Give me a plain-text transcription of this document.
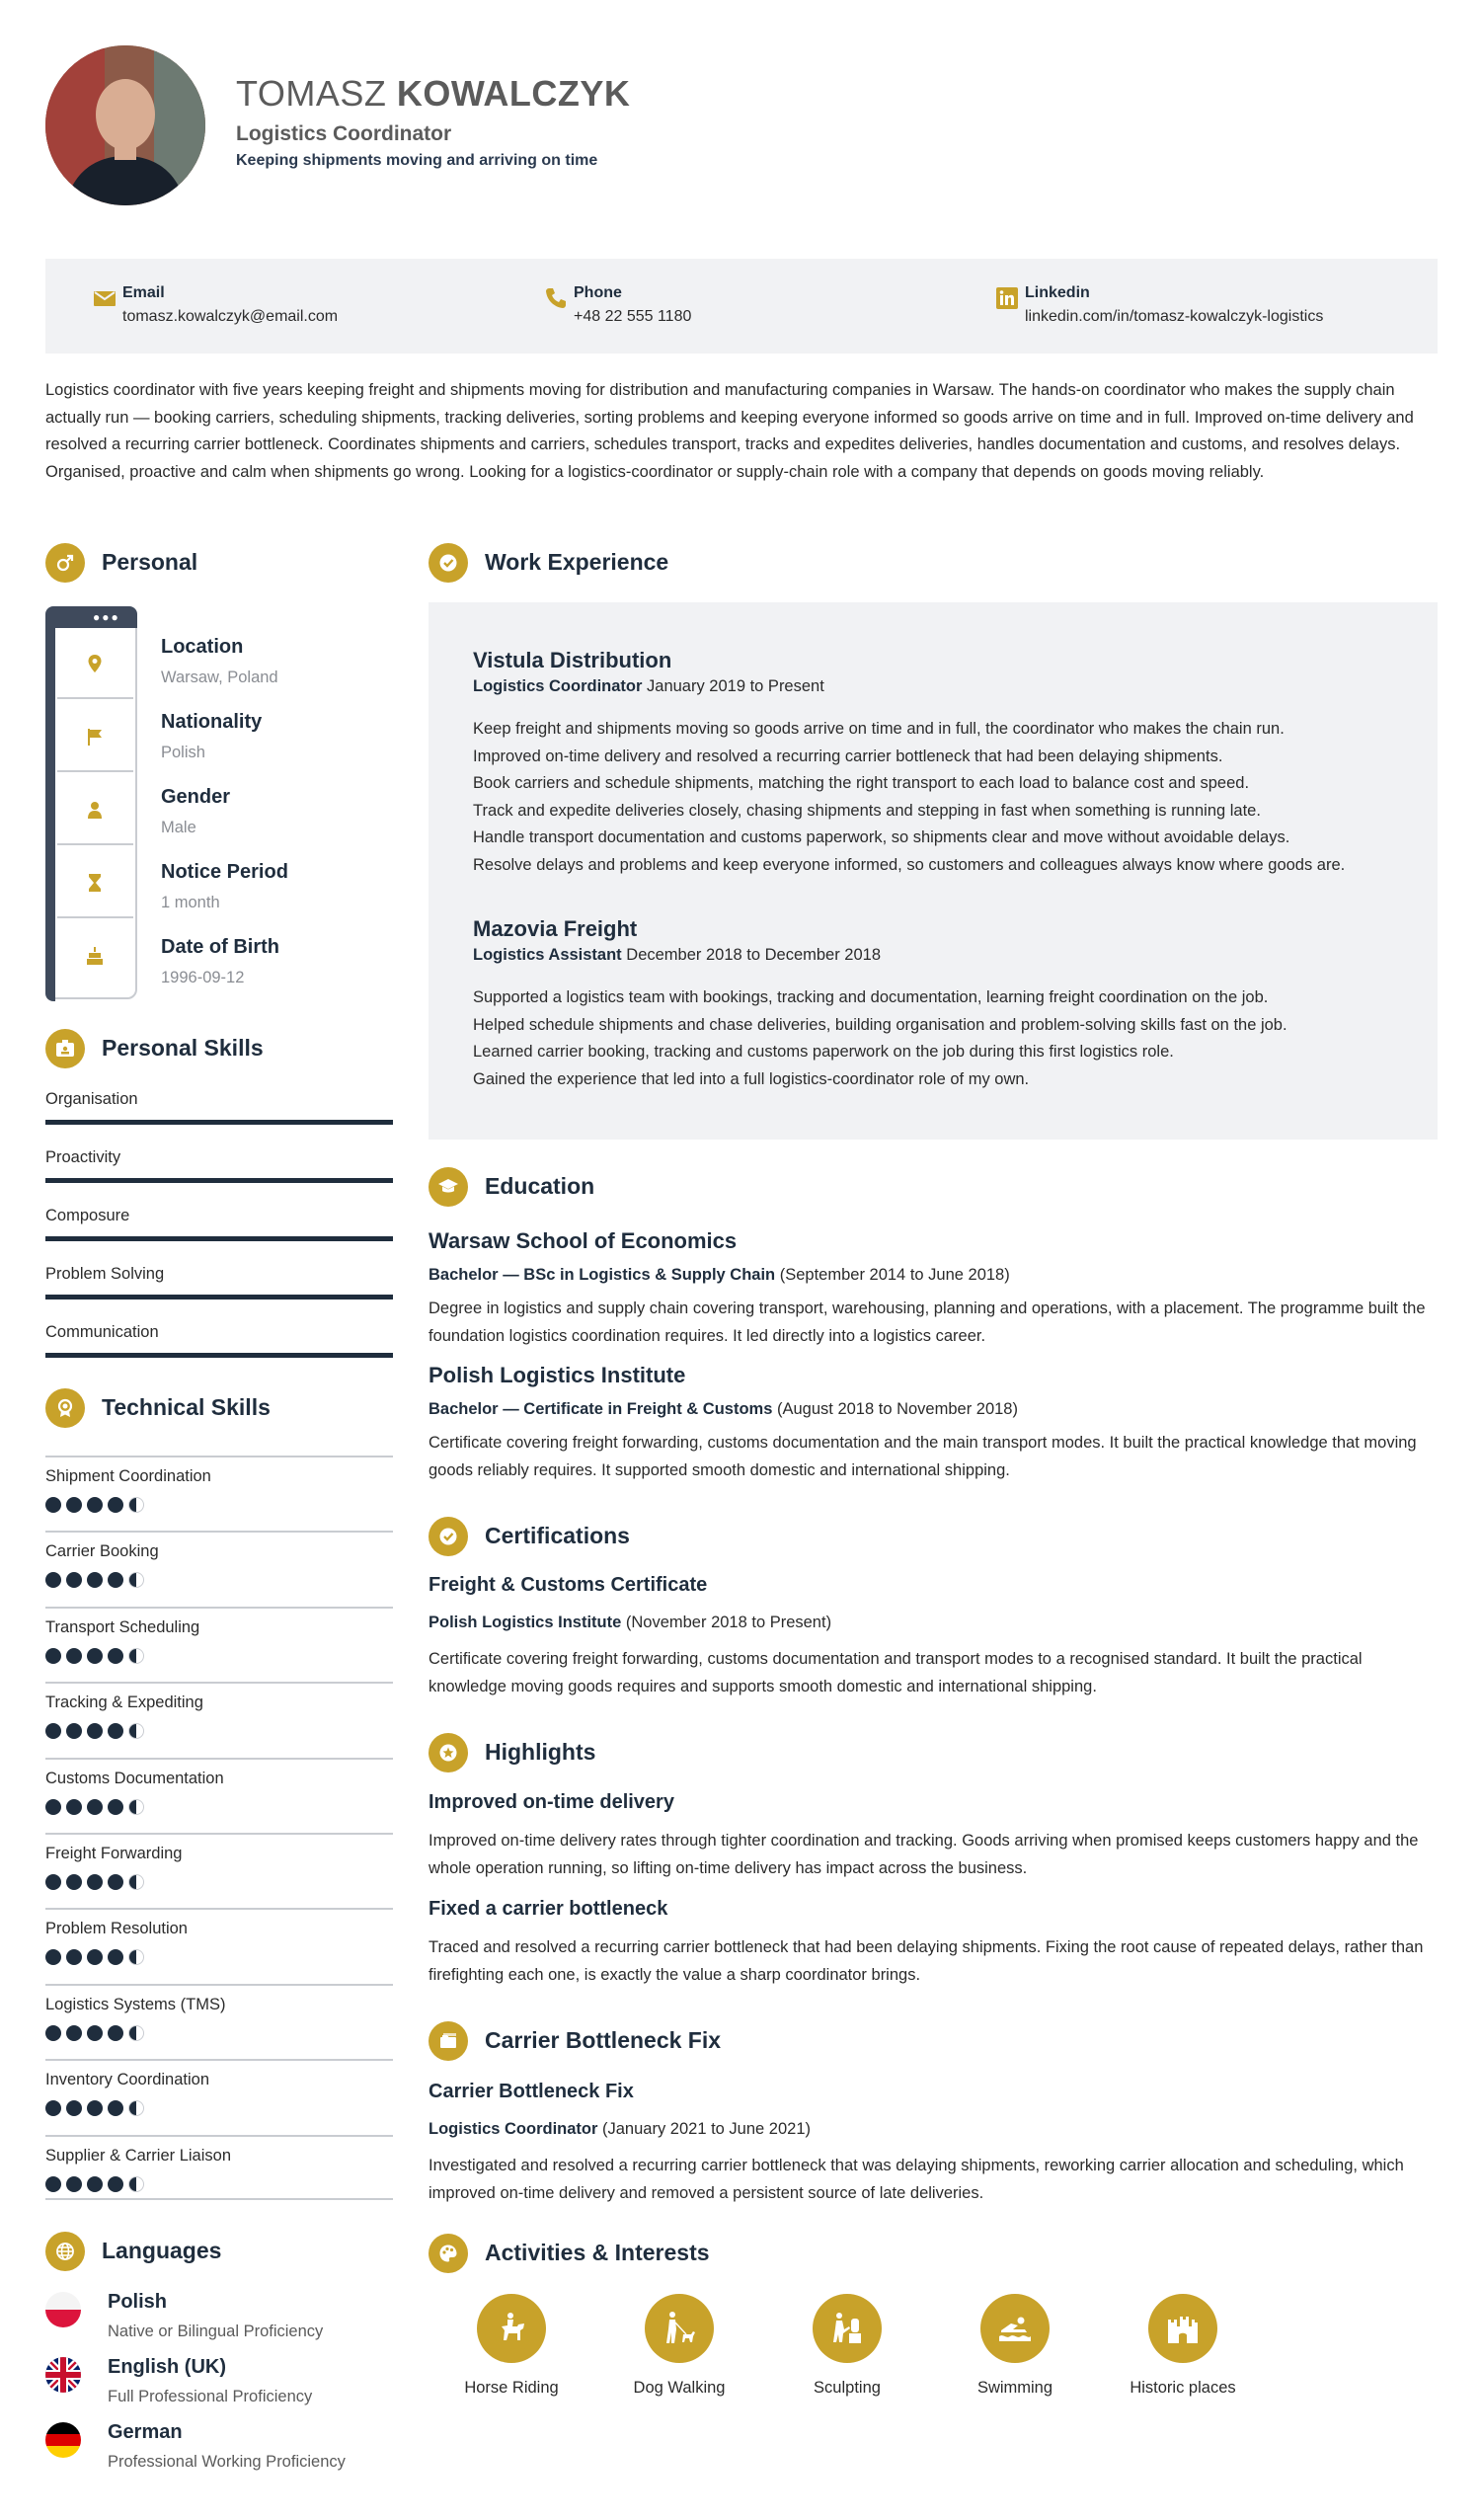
TOMASZ KOWALCZYK
Logistics Coordinator
Keeping shipments moving and arriving on time
Email
tomasz.kowalczyk@email.com
Phone
+48 22 555 1180
Linkedin
linkedin.com/in/tomasz-kowalczyk-logistics

Logistics coordinator with five years keeping freight and shipments moving for distribution and manufacturing companies in Warsaw. The hands-on coordinator who makes the supply chain actually run — booking carriers, scheduling shipments, tracking deliveries, sorting problems and keeping everyone informed so goods arrive on time and in full. Improved on-time delivery and resolved a recurring carrier bottleneck. Coordinates shipments and carriers, schedules transport, tracks and expedites deliveries, handles documentation and customs, and resolves delays. Organised, proactive and calm when shipments go wrong. Looking for a logistics-coordinator or supply-chain role with a company that depends on goods moving reliably.

Personal
●●●
Location
Warsaw, Poland
Nationality
Polish
Gender
Male
Notice Period
1 month
Date of Birth
1996-09-12
Personal Skills
Organisation
Proactivity
Composure
Problem Solving
Communication
Technical Skills
Shipment Coordination
Carrier Booking
Transport Scheduling
Tracking & Expediting
Customs Documentation
Freight Forwarding
Problem Resolution
Logistics Systems (TMS)
Inventory Coordination
Supplier & Carrier Liaison
Languages
Polish
Native or Bilingual Proficiency
English (UK)
Full Professional Proficiency
German
Professional Working Proficiency
Work Experience
Vistula Distribution
Logistics Coordinator January 2019 to Present
Keep freight and shipments moving so goods arrive on time and in full, the coordinator who makes the chain run.
Improved on-time delivery and resolved a recurring carrier bottleneck that had been delaying shipments.
Book carriers and schedule shipments, matching the right transport to each load to balance cost and speed.
Track and expedite deliveries closely, chasing shipments and stepping in fast when something is running late.
Handle transport documentation and customs paperwork, so shipments clear and move without avoidable delays.
Resolve delays and problems and keep everyone informed, so customers and colleagues always know where goods are.
Mazovia Freight
Logistics Assistant December 2018 to December 2018
Supported a logistics team with bookings, tracking and documentation, learning freight coordination on the job.
Helped schedule shipments and chase deliveries, building organisation and problem-solving skills fast on the job.
Learned carrier booking, tracking and customs paperwork on the job during this first logistics role.
Gained the experience that led into a full logistics-coordinator role of my own.
Education
Warsaw School of Economics
Bachelor — BSc in Logistics & Supply Chain (September 2014 to June 2018)

Degree in logistics and supply chain covering transport, warehousing, planning and operations, with a placement. The programme built the foundation logistics coordination requires. It led directly into a logistics career.

Polish Logistics Institute
Bachelor — Certificate in Freight & Customs (August 2018 to November 2018)

Certificate covering freight forwarding, customs documentation and the main transport modes. It built the practical knowledge that moving goods reliably requires. It supported smooth domestic and international shipping.

Certifications
Freight & Customs Certificate
Polish Logistics Institute (November 2018 to Present)

Certificate covering freight forwarding, customs documentation and transport modes to a recognised standard. It built the practical knowledge moving goods requires and supports smooth domestic and international shipping.

Highlights
Improved on-time delivery

Improved on-time delivery rates through tighter coordination and tracking. Goods arriving when promised keeps customers happy and the whole operation running, so lifting on-time delivery has impact across the business.

Fixed a carrier bottleneck

Traced and resolved a recurring carrier bottleneck that had been delaying shipments. Fixing the root cause of repeated delays, rather than firefighting each one, is exactly the value a sharp coordinator brings.

Carrier Bottleneck Fix
Carrier Bottleneck Fix
Logistics Coordinator (January 2021 to June 2021)

Investigated and resolved a recurring carrier bottleneck that was delaying shipments, reworking carrier allocation and scheduling, which improved on-time delivery and removed a persistent source of late deliveries.

Activities & Interests
Horse Riding	Dog Walking	Sculpting	Swimming	Historic places
